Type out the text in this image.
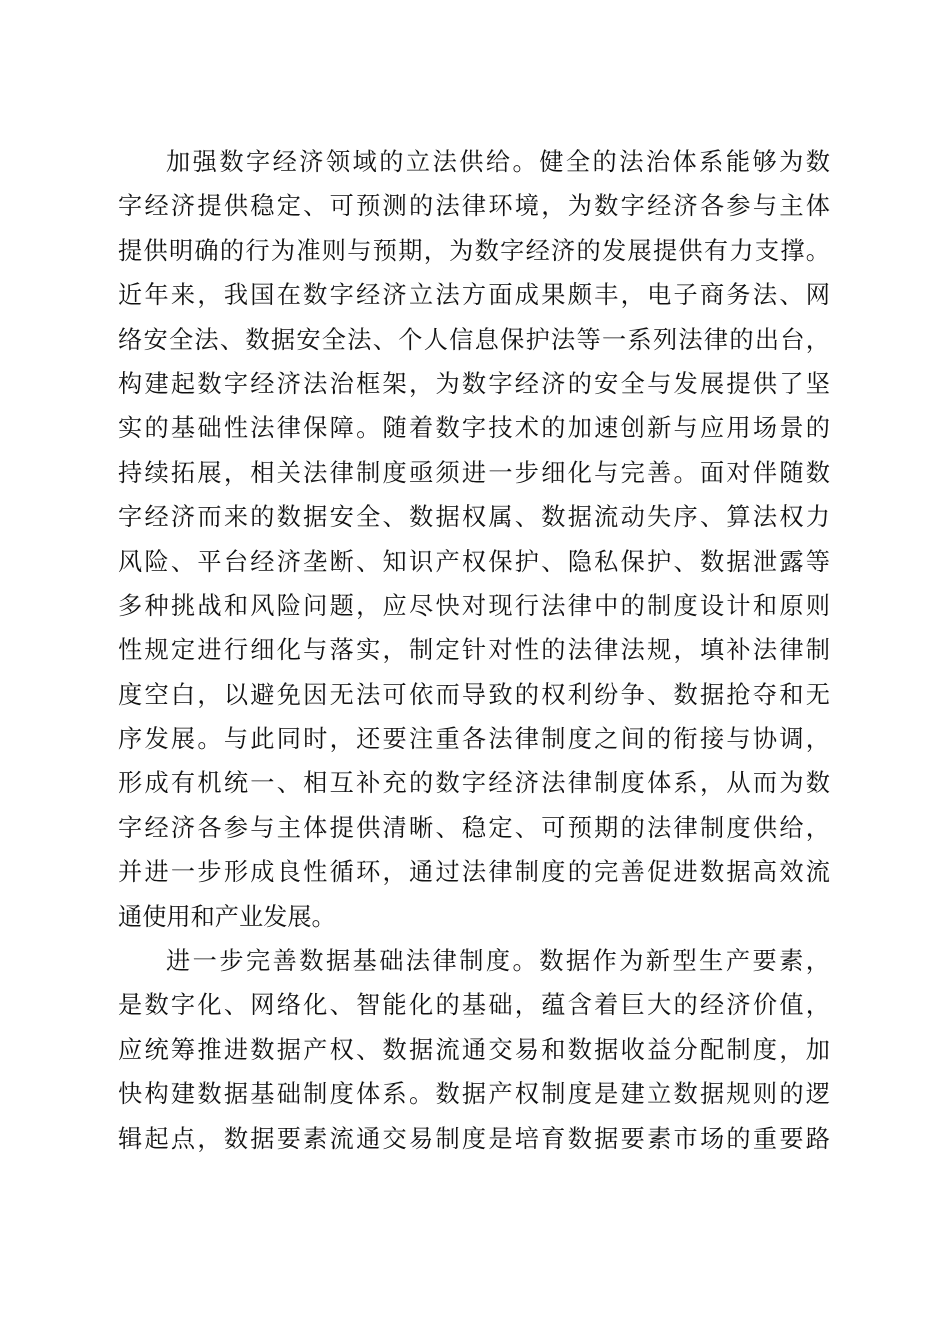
加强数字经济领域的立法供给。健全的法治体系能够为数
字经济提供稳定、可预测的法律环境，为数字经济各参与主体
提供明确的行为准则与预期，为数字经济的发展提供有力支撑。
近年来，我国在数字经济立法方面成果颇丰，电子商务法、网
络安全法、数据安全法、个人信息保护法等一系列法律的出台，
构建起数字经济法治框架，为数字经济的安全与发展提供了坚
实的基础性法律保障。随着数字技术的加速创新与应用场景的
持续拓展，相关法律制度亟须进一步细化与完善。面对伴随数
字经济而来的数据安全、数据权属、数据流动失序、算法权力
风险、平台经济垄断、知识产权保护、隐私保护、数据泄露等
多种挑战和风险问题，应尽快对现行法律中的制度设计和原则
性规定进行细化与落实，制定针对性的法律法规，填补法律制
度空白，以避免因无法可依而导致的权利纷争、数据抢夺和无
序发展。与此同时，还要注重各法律制度之间的衔接与协调，
形成有机统一、相互补充的数字经济法律制度体系，从而为数
字经济各参与主体提供清晰、稳定、可预期的法律制度供给，
并进一步形成良性循环，通过法律制度的完善促进数据高效流
通使用和产业发展。
进一步完善数据基础法律制度。数据作为新型生产要素，
是数字化、网络化、智能化的基础，蕴含着巨大的经济价值，
应统筹推进数据产权、数据流通交易和数据收益分配制度，加
快构建数据基础制度体系。数据产权制度是建立数据规则的逻
辑起点，数据要素流通交易制度是培育数据要素市场的重要路
